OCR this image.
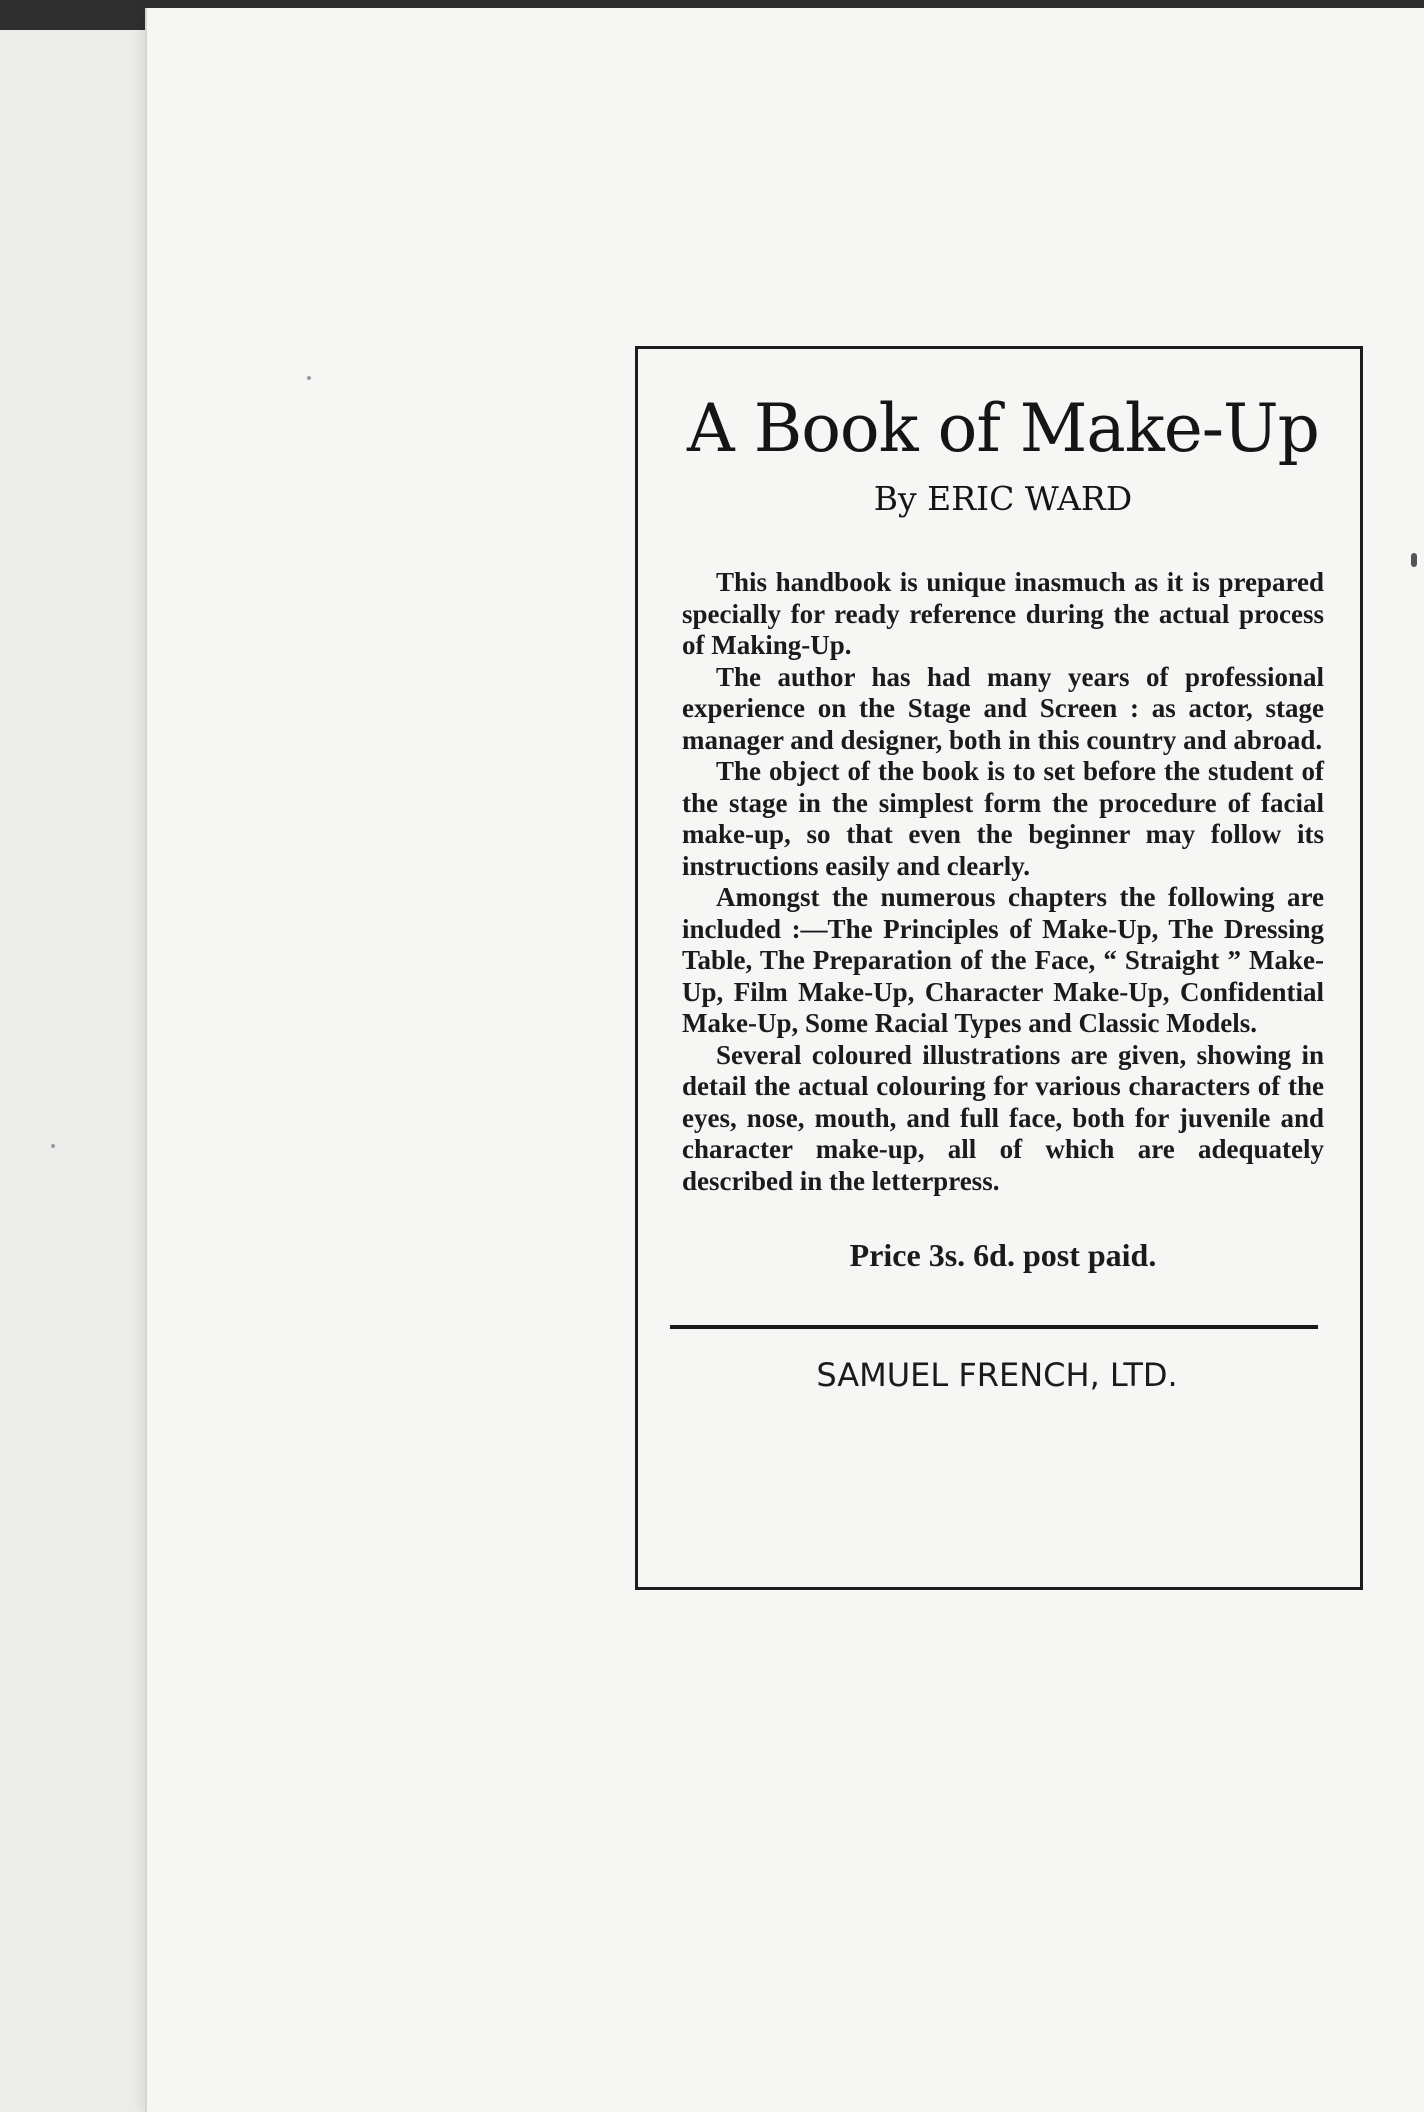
A Book of Make-Up
By ERIC WARD

This handbook is unique inasmuch as it is prepared specially for ready reference during the actual process of Making-Up.

The author has had many years of professional experience on the Stage and Screen : as actor, stage manager and designer, both in this country and abroad.

The object of the book is to set before the student of the stage in the simplest form the procedure of facial make-up, so that even the beginner may follow its instructions easily and clearly.

Amongst the numerous chapters the following are included :—The Principles of Make-Up, The Dressing Table, The Preparation of the Face, “ Straight ” Make-Up, Film Make-Up, Character Make-Up, Confidential Make-Up, Some Racial Types and Classic Models.

Several coloured illustrations are given, showing in detail the actual colouring for various characters of the eyes, nose, mouth, and full face, both for juvenile and character make-up, all of which are adequately described in the letterpress.

Price 3s. 6d. post paid.
SAMUEL FRENCH, LTD.
